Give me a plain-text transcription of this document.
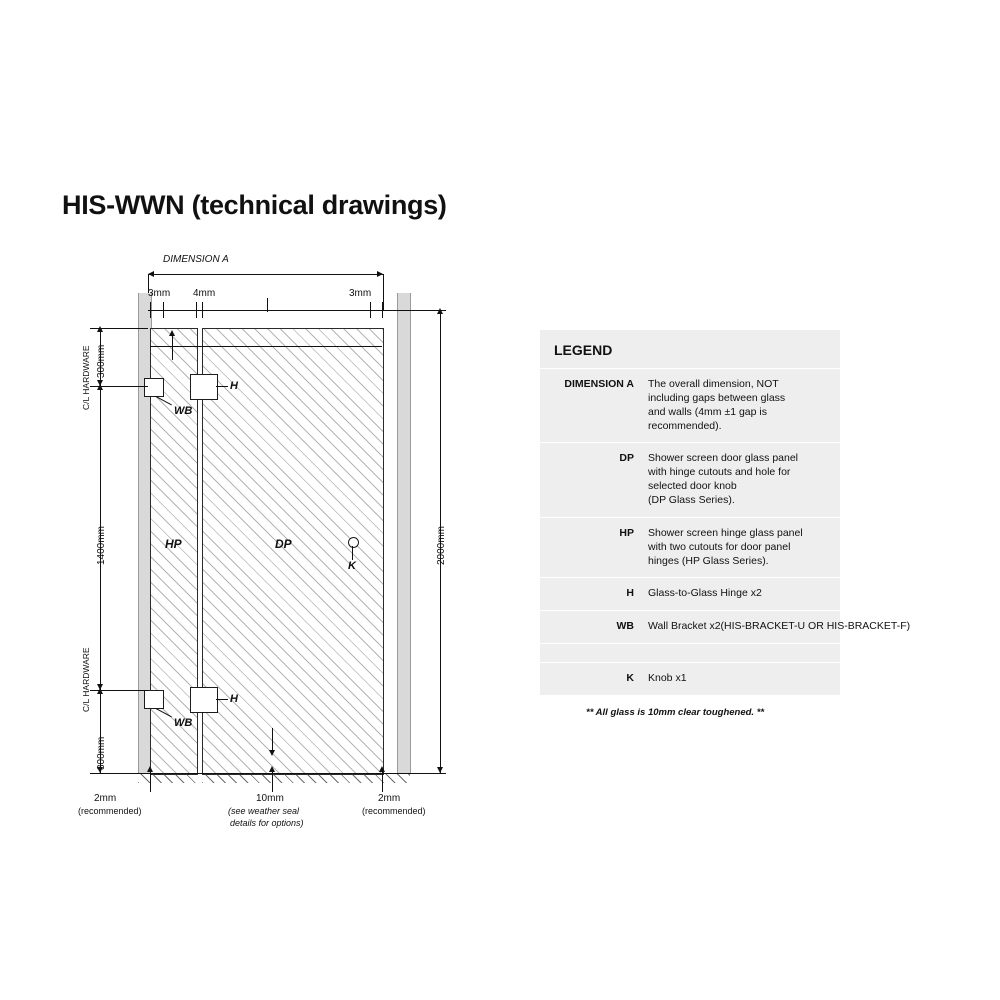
HIS-WWN (technical drawings)
DIMENSION A
3mm 4mm	3mm
H
WB
H
WB
HP	DP
K
300mm
C/L HARDWARE
1400mm
C/L HARDWARE
300mm
2000mm
2mm
(recommended)
10mm
(see weather seal
details for options)
2mm
(recommended)
LEGEND
DIMENSION A	The overall dimension, NOT
including gaps between glass
and walls (4mm ±1 gap is
recommended).
DP	Shower screen door glass panel
with hinge cutouts and hole for
selected door knob
(DP Glass Series).
HP	Shower screen hinge glass panel
with two cutouts for door panel
hinges (HP Glass Series).
H	Glass-to-Glass Hinge x2
WB	Wall Bracket x2(HIS-BRACKET-U OR HIS-BRACKET-F)
K	Knob x1
** All glass is 10mm clear toughened. **
